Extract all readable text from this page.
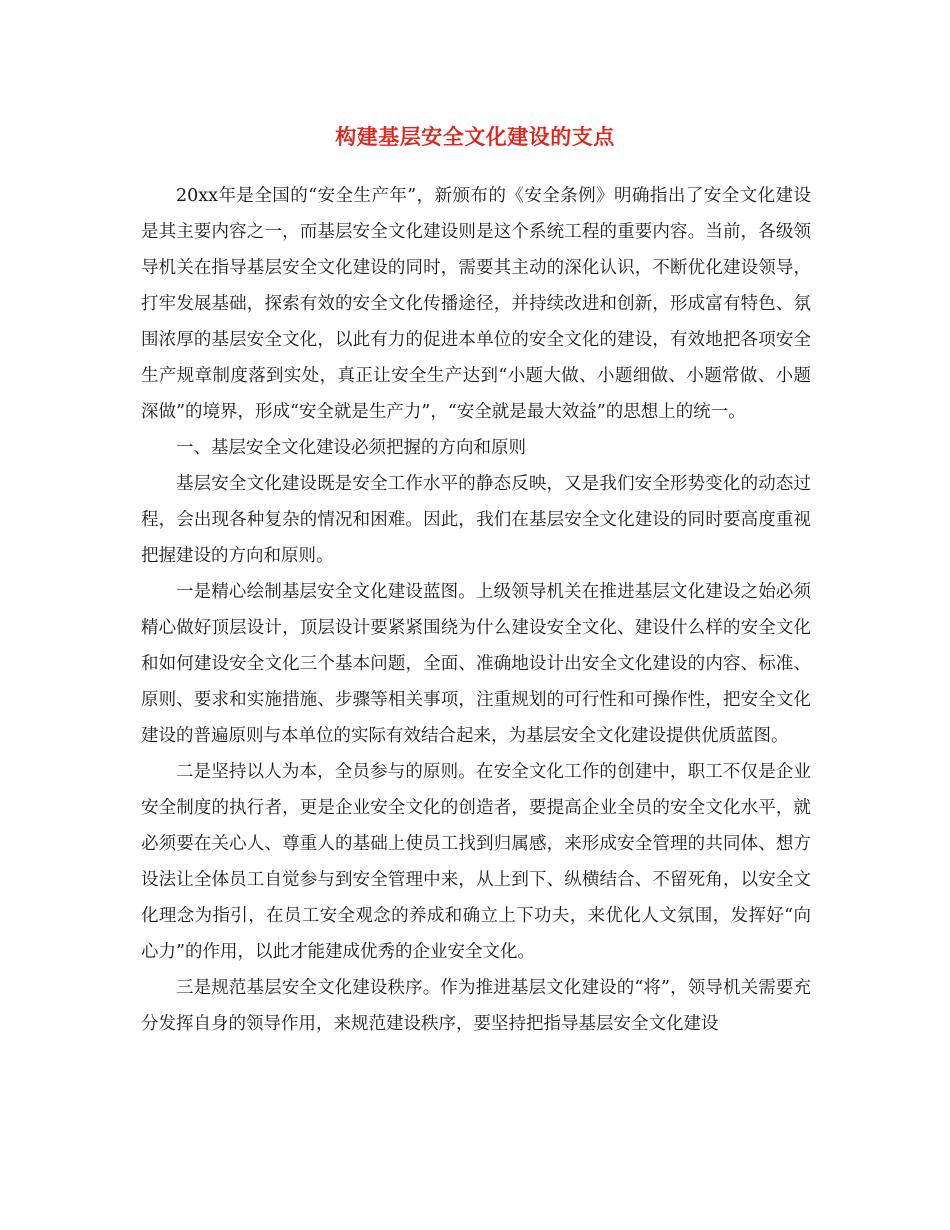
构建基层安全文化建设的支点

20xx年是全国的“安全生产年”，新颁布的《安全条例》明确指出了安全文化建设是其主要内容之一，而基层安全文化建设则是这个系统工程的重要内容。当前，各级领导机关在指导基层安全文化建设的同时，需要其主动的深化认识，不断优化建设领导，打牢发展基础，探索有效的安全文化传播途径，并持续改进和创新，形成富有特色、氛围浓厚的基层安全文化，以此有力的促进本单位的安全文化的建设，有效地把各项安全生产规章制度落到实处，真正让安全生产达到“小题大做、小题细做、小题常做、小题深做”的境界，形成“安全就是生产力”，“安全就是最大效益”的思想上的统一。

一、基层安全文化建设必须把握的方向和原则

基层安全文化建设既是安全工作水平的静态反映，又是我们安全形势变化的动态过程，会出现各种复杂的情况和困难。因此，我们在基层安全文化建设的同时要高度重视把握建设的方向和原则。

一是精心绘制基层安全文化建设蓝图。上级领导机关在推进基层文化建设之始必须精心做好顶层设计，顶层设计要紧紧围绕为什么建设安全文化、建设什么样的安全文化和如何建设安全文化三个基本问题，全面、准确地设计出安全文化建设的内容、标准、原则、要求和实施措施、步骤等相关事项，注重规划的可行性和可操作性，把安全文化建设的普遍原则与本单位的实际有效结合起来，为基层安全文化建设提供优质蓝图。

二是坚持以人为本，全员参与的原则。在安全文化工作的创建中，职工不仅是企业安全制度的执行者，更是企业安全文化的创造者，要提高企业全员的安全文化水平，就必须要在关心人、尊重人的基础上使员工找到归属感，来形成安全管理的共同体、想方设法让全体员工自觉参与到安全管理中来，从上到下、纵横结合、不留死角，以安全文化理念为指引，在员工安全观念的养成和确立上下功夫，来优化人文氛围，发挥好“向心力”的作用，以此才能建成优秀的企业安全文化。

三是规范基层安全文化建设秩序。作为推进基层文化建设的“将”，领导机关需要充分发挥自身的领导作用，来规范建设秩序，要坚持把指导基层安全文化建设
